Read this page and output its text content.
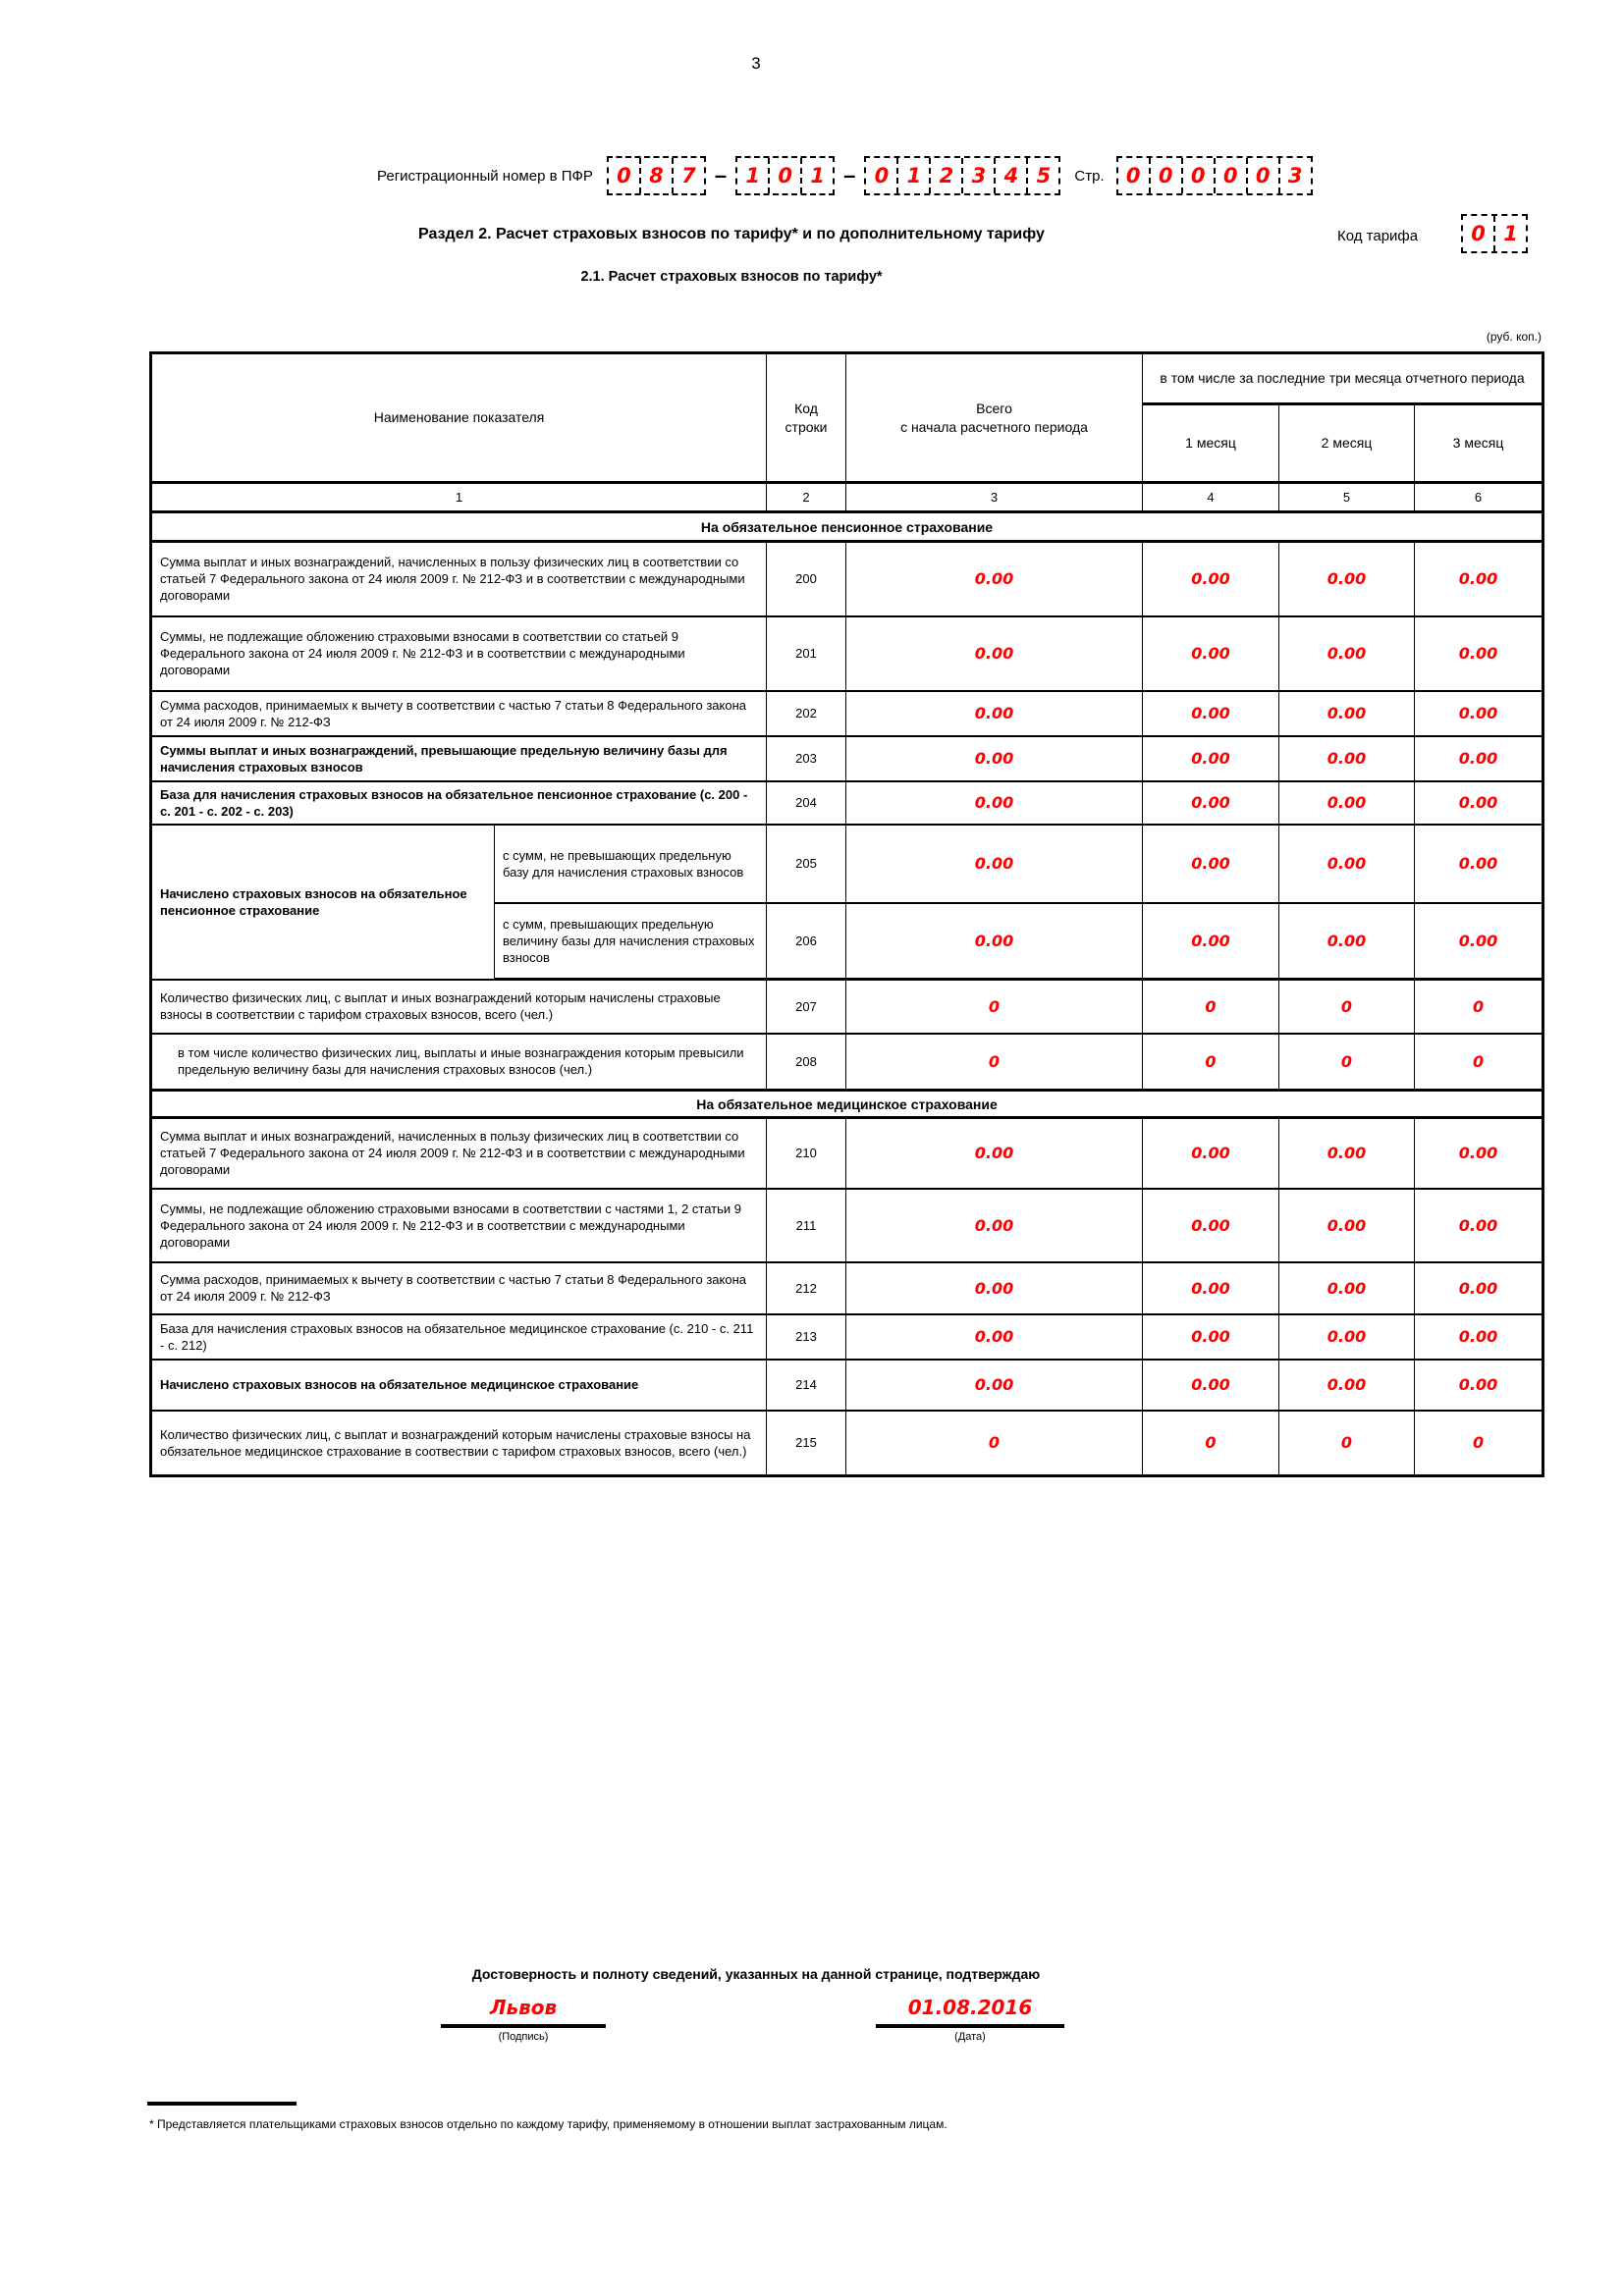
3
Регистрационный номер в ПФР	0 8 7 – 1 0 1 – 0 1 2 3 4 5	Стр.	0 0 0 0 0 3
Раздел 2. Расчет страховых взносов по тарифу* и по дополнительному тарифу	Код тарифа	0 1
2.1. Расчет страховых взносов по тарифу*
(руб. коп.)
Наименование показателя		Код строки	Всего
с начала расчетного периода	в том числе за последние три месяца отчетного периода		
				1 месяц	2 месяц	3 месяц
1		2	3	4	5	6
На обязательное пенсионное страхование						
Сумма выплат и иных вознаграждений, начисленных в пользу физических лиц в соответствии со статьей 7 Федерального закона от 24 июля 2009 г. № 212-ФЗ и в соответствии с международными договорами		200	0.00	0.00	0.00	0.00
Суммы, не подлежащие обложению страховыми взносами в соответствии со статьей 9 Федерального закона от 24 июля 2009 г. № 212-ФЗ и в соответствии с международными договорами		201	0.00	0.00	0.00	0.00
Сумма расходов, принимаемых к вычету в соответствии с частью 7 статьи 8 Федерального закона от 24 июля 2009 г. № 212-ФЗ		202	0.00	0.00	0.00	0.00
Суммы выплат и иных вознаграждений, превышающие предельную величину базы для начисления страховых взносов		203	0.00	0.00	0.00	0.00
База для начисления страховых взносов на обязательное пенсионное страхование (с. 200 - с. 201 - с. 202 - с. 203)		204	0.00	0.00	0.00	0.00
Начислено страховых взносов на обязательное пенсионное страхование	с сумм, не превышающих предельную базу для начисления страховых взносов	205	0.00	0.00	0.00	0.00
	с сумм, превышающих предельную величину базы для начисления страховых взносов	206	0.00	0.00	0.00	0.00
Количество физических лиц, с выплат и иных вознаграждений которым начислены страховые взносы в соответствии с тарифом страховых взносов, всего (чел.)		207	0	0	0	0
в том числе количество физических лиц, выплаты и иные вознаграждения которым превысили предельную величину базы для начисления страховых взносов (чел.)		208	0	0	0	0
На обязательное медицинское страхование						
Сумма выплат и иных вознаграждений, начисленных в пользу физических лиц в соответствии со статьей 7 Федерального закона от 24 июля 2009 г. № 212-ФЗ и в соответствии с международными договорами		210	0.00	0.00	0.00	0.00
Суммы, не подлежащие обложению страховыми взносами в соответствии с частями 1, 2 статьи 9 Федерального закона от 24 июля 2009 г. № 212-ФЗ и в соответствии с международными договорами		211	0.00	0.00	0.00	0.00
Сумма расходов, принимаемых к вычету в соответствии с частью 7 статьи 8 Федерального закона от 24 июля 2009 г. № 212-ФЗ		212	0.00	0.00	0.00	0.00
База для начисления страховых взносов на обязательное медицинское страхование (с. 210 - с. 211 - с. 212)		213	0.00	0.00	0.00	0.00
Начислено страховых взносов на обязательное медицинское страхование		214	0.00	0.00	0.00	0.00
Количество физических лиц, с выплат и вознаграждений которым начислены страховые взносы на обязательное медицинское страхование в соотвествии с тарифом страховых взносов, всего (чел.)		215	0	0	0	0
Достоверность и полноту сведений, указанных на данной странице, подтверждаю
Львов
(Подпись)
01.08.2016
(Дата)
* Представляется плательщиками страховых взносов отдельно по каждому тарифу, применяемому в отношении выплат застрахованным лицам.
